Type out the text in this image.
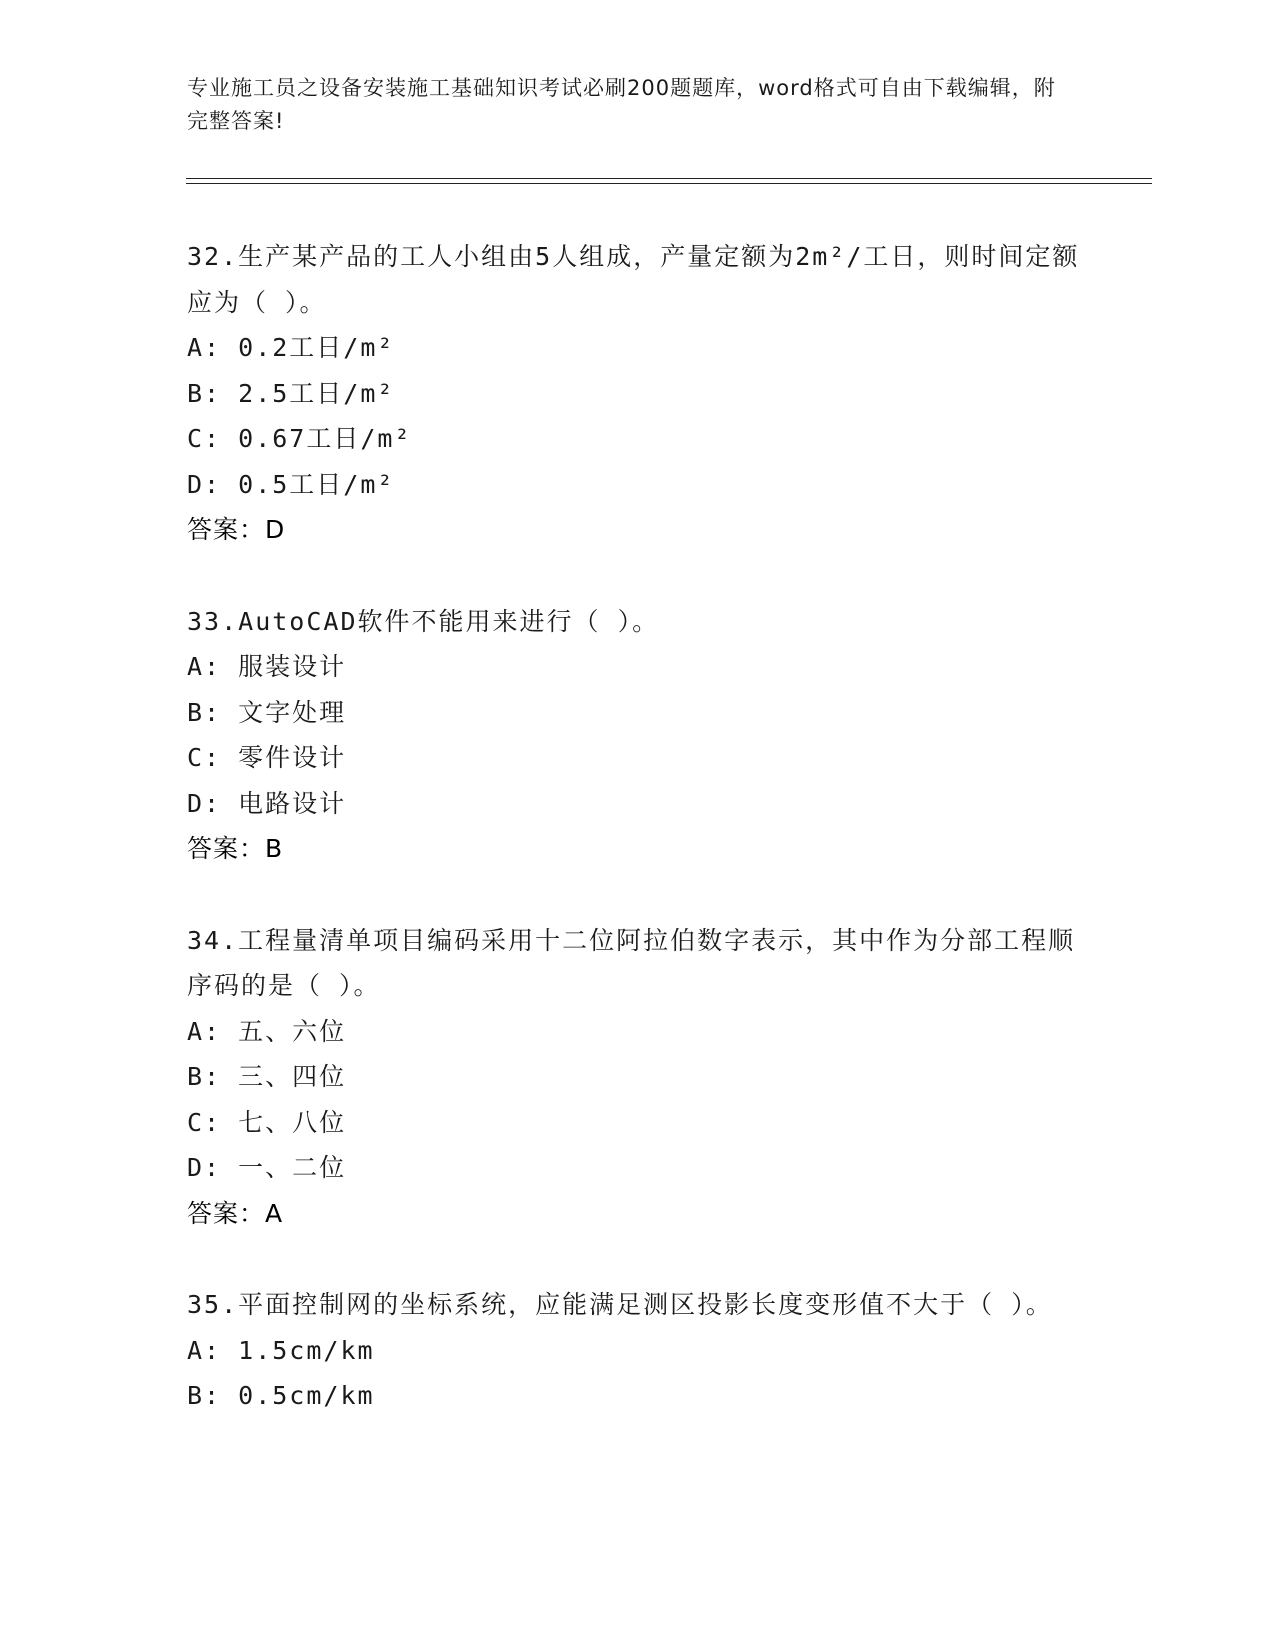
专业施工员之设备安装施工基础知识考试必刷200题题库，word格式可自由下载编辑，附完整答案!

32.生产某产品的工人小组由5人组成，产量定额为2m²/工日，则时间定额应为（ ）。

A: 0.2工日/m²

B: 2.5工日/m²

C: 0.67工日/m²

D: 0.5工日/m²

答案：D

33.AutoCAD软件不能用来进行（ ）。

A: 服装设计

B: 文字处理

C: 零件设计

D: 电路设计

答案：B

34.工程量清单项目编码采用十二位阿拉伯数字表示，其中作为分部工程顺序码的是（ ）。

A: 五、六位

B: 三、四位

C: 七、八位

D: 一、二位

答案：A

35.平面控制网的坐标系统，应能满足测区投影长度变形值不大于（ ）。

A: 1.5cm/km

B: 0.5cm/km
